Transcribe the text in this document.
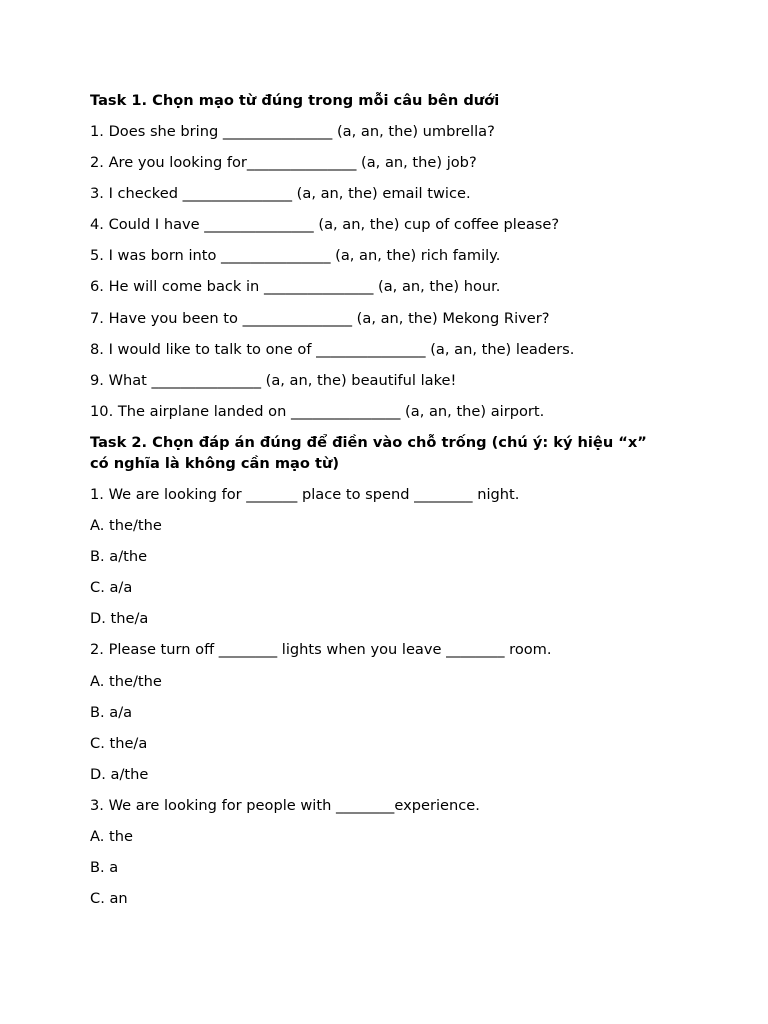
Task 1. Chọn mạo từ đúng trong mỗi câu bên dưới
1. Does she bring _______________ (a, an, the) umbrella?
2. Are you looking for_______________ (a, an, the) job?
3. I checked _______________ (a, an, the) email twice.
4. Could I have _______________ (a, an, the) cup of coffee please?
5. I was born into _______________ (a, an, the) rich family.
6. He will come back in _______________ (a, an, the) hour.
7. Have you been to _______________ (a, an, the) Mekong River?
8. I would like to talk to one of _______________ (a, an, the) leaders.
9. What _______________ (a, an, the) beautiful lake!
10. The airplane landed on _______________ (a, an, the) airport.
Task 2. Chọn đáp án đúng để điền vào chỗ trống (chú ý: ký hiệu “x”
có nghĩa là không cần mạo từ)
1. We are looking for _______ place to spend ________ night.
A. the/the
B. a/the
C. a/a
D. the/a
2. Please turn off ________ lights when you leave ________ room.
A. the/the
B. a/a
C. the/a
D. a/the
3. We are looking for people with ________experience.
A. the
B. a
C. an
